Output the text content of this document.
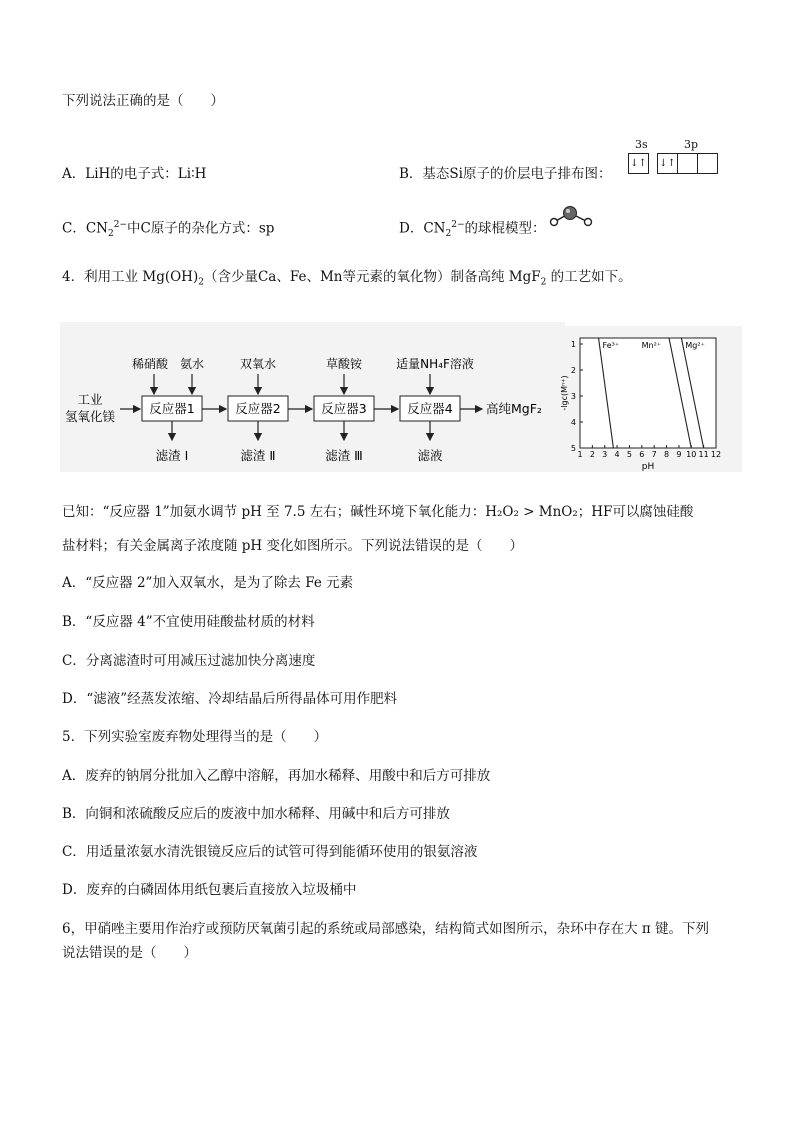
下列说法正确的是（　　）
A．LiH的电子式：Li∶H	B．基态Si原子的价层电子排布图：
3s	3p
↓↑ ↓↑		
C．$CN_2^{2-}$中C原子的杂化方式：sp	D．$CN_2^{2-}$的球棍模型：
4．利用工业 $Mg(OH)_2$（含少量Ca、Fe、Mn等元素的氧化物）制备高纯 MgF$_2$ 的工艺如下。
工业
氢氧化镁
反应器1	反应器2	反应器3	反应器4	高纯MgF₂
稀硝酸 氨水	双氧水	草酸铵	适量NH₄F溶液
滤渣 Ⅰ	滤渣 Ⅱ	滤渣 Ⅲ	滤液	1 2 3 4 5 6 7 8 9 10 11 12
1
2
3
4
5
Fe³⁺	Mn²⁺	Mg²⁺
pH
-lgc(Mⁿ⁺)
已知：“反应器 1”加氨水调节 pH 至 7.5 左右；碱性环境下氧化能力：H₂O₂ > MnO₂；HF可以腐蚀硅酸
盐材料；有关金属离子浓度随 pH 变化如图所示。下列说法错误的是（　　）
A．“反应器 2”加入双氧水，是为了除去 Fe 元素
B．“反应器 4”不宜使用硅酸盐材质的材料
C．分离滤渣时可用减压过滤加快分离速度
D．“滤液”经蒸发浓缩、冷却结晶后所得晶体可用作肥料
5．下列实验室废弃物处理得当的是（　　）
A．废弃的钠屑分批加入乙醇中溶解，再加水稀释、用酸中和后方可排放
B．向铜和浓硫酸反应后的废液中加水稀释、用碱中和后方可排放
C．用适量浓氨水清洗银镜反应后的试管可得到能循环使用的银氨溶液
D．废弃的白磷固体用纸包裹后直接放入垃圾桶中
6，甲硝唑主要用作治疗或预防厌氧菌引起的系统或局部感染，结构简式如图所示，杂环中存在大 π 键。下列
说法错误的是（　　）
